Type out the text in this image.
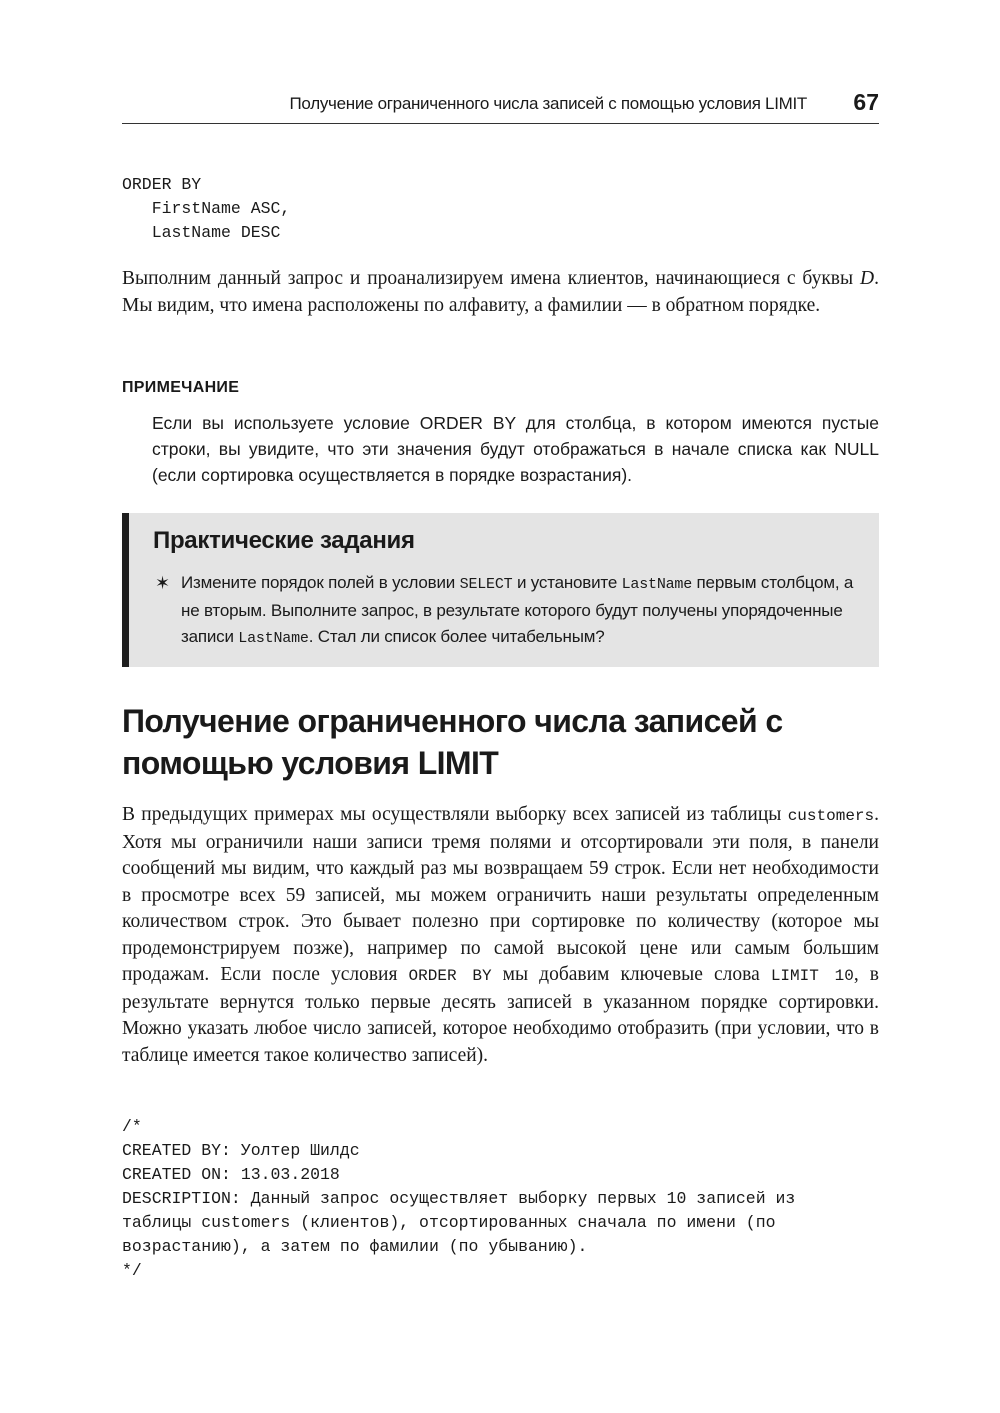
Получение ограниченного числа записей с помощью условия LIMIT 67
ORDER BY
FirstName ASC,
LastName DESC

Выполним данный запрос и проанализируем имена клиентов, начинающиеся с буквы D. Мы видим, что имена расположены по алфавиту, а фамилии — в обратном порядке.

ПРИМЕЧАНИЕ

Если вы используете условие ORDER BY для столбца, в котором имеются пустые строки, вы увидите, что эти значения будут отображаться в начале списка как NULL (если сортировка осуществляется в порядке возрастания).

Практические задания
✶ Измените порядок полей в условии SELECT и установите LastName первым столбцом, а не вторым. Выполните запрос, в результате которого будут получены упорядоченные записи LastName. Стал ли список более читабельным?

Получение ограниченного числа записей с помощью условия LIMIT

В предыдущих примерах мы осуществляли выборку всех записей из таблицы customers. Хотя мы ограничили наши записи тремя полями и отсортировали эти поля, в панели сообщений мы видим, что каждый раз мы возвращаем 59 строк. Если нет необходимости в просмотре всех 59 записей, мы можем ограничить наши результаты определенным количеством строк. Это бывает полезно при сортировке по количеству (которое мы продемонстрируем позже), например по самой высокой цене или самым большим продажам. Если после условия ORDER BY мы добавим ключевые слова LIMIT 10, в результате вернутся только первые десять записей в указанном порядке сортировки. Можно указать любое число записей, которое необходимо отобразить (при условии, что в таблице имеется такое количество записей).

/*
CREATED BY: Уолтер Шилдс
CREATED ON: 13.03.2018
DESCRIPTION: Данный запрос осуществляет выборку первых 10 записей из
таблицы customers (клиентов), отсортированных сначала по имени (по
возрастанию), а затем по фамилии (по убыванию).
*/
